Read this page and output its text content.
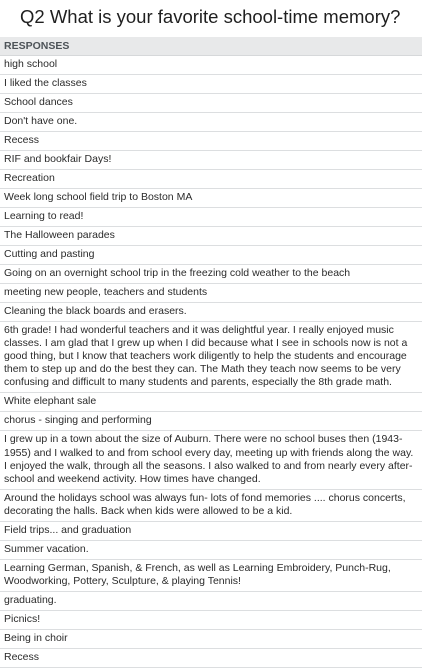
Q2 What is your favorite school-time memory?
RESPONSES
high school
I liked the classes
School dances
Don't have one.
Recess
RIF and bookfair Days!
Recreation
Week long school field trip to Boston MA
Learning to read!
The Halloween parades
Cutting and pasting
Going on an overnight school trip in the freezing cold weather to the beach
meeting new people, teachers and students
Cleaning the black boards and erasers.
6th grade! I had wonderful teachers and it was delightful year. I really enjoyed music classes. I am glad that I grew up when I did because what I see in schools now is not a good thing, but I know that teachers work diligently to help the students and encourage them to step up and do the best they can. The Math they teach now seems to be very confusing and difficult to many students and parents, especially the 8th grade math.
White elephant sale
chorus - singing and performing
I grew up in a town about the size of Auburn. There were no school buses then (1943-1955) and I walked to and from school every day, meeting up with friends along the way. I enjoyed the walk, through all the seasons. I also walked to and from nearly every after-school and weekend activity. How times have changed.
Around the holidays school was always fun- lots of fond memories .... chorus concerts, decorating the halls. Back when kids were allowed to be a kid.
Field trips... and graduation
Summer vacation.
Learning German, Spanish, & French, as well as Learning Embroidery, Punch-Rug, Woodworking, Pottery, Sculpture, & playing Tennis!
graduating.
Picnics!
Being in choir
Recess
